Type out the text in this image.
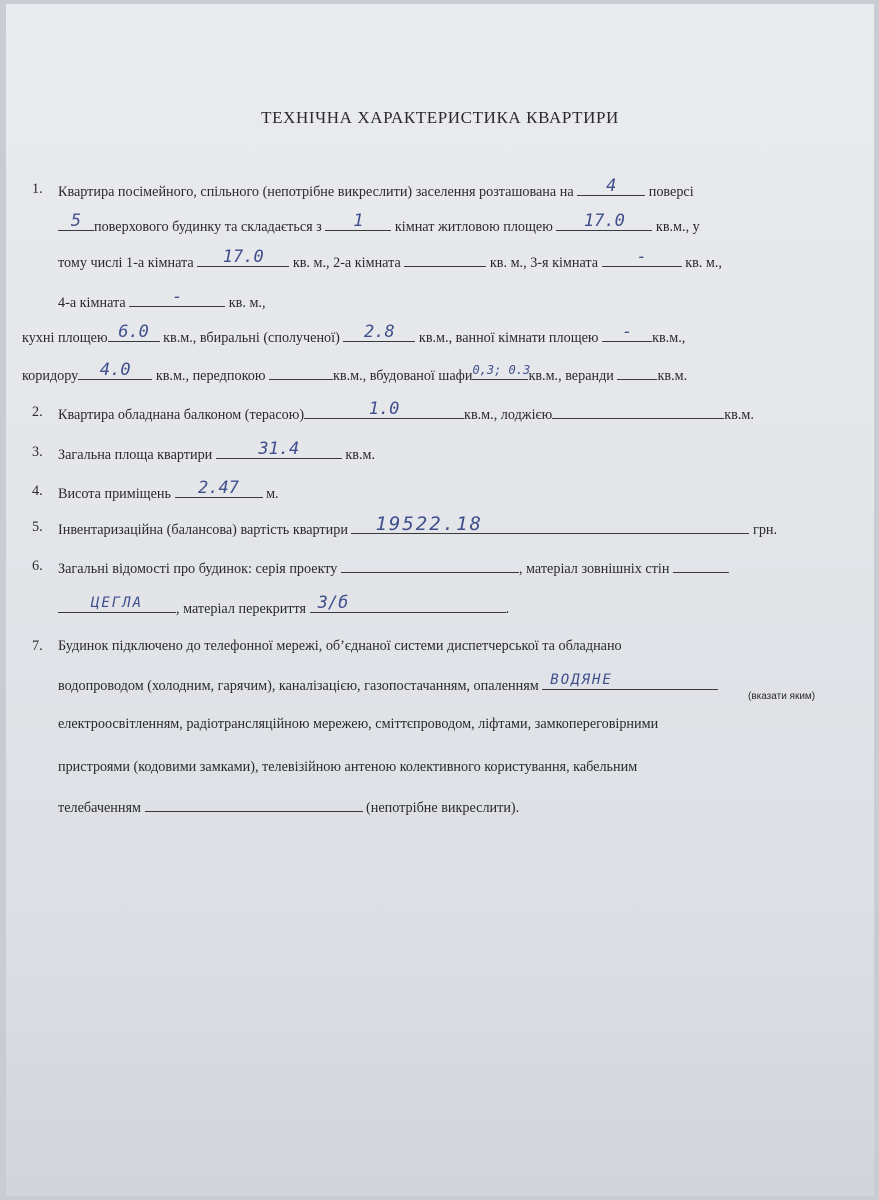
ТЕХНІЧНА ХАРАКТЕРИСТИКА КВАРТИРИ
1. Квартира посімейного, спільного (непотрібне викреслити) заселення розташована на	4	поверсі
5 поверхового будинку та складається з	1	кімнат житловою площею	17.0	кв.м., у
тому числі 1-а кімната	17.0	кв. м., 2-а кімната	кв. м., 3-я кімната	-	кв. м.,
4-а кімната	-	кв. м.,
кухні площею 6.0 кв.м., вбиральні (сполученої)	2.8	кв.м., ванної кімнати площею	-	кв.м.,
коридору	4.0	кв.м., передпокою	кв.м., вбудованої шафи 0,3; 0.3
кв.м., веранди	кв.м.
2. Квартира обладнана балконом (терасою)	1.0	кв.м., лоджією	кв.м.
3. Загальна площа квартири	31.4	кв.м.
4. Висота приміщень	2.47	м.
5. Інвентаризаційна (балансова) вартість квартири	19522.18	грн.
6. Загальні відомості про будинок: серія проекту	, матеріал зовнішніх стін
ЦЕГЛА	, матеріал перекриття 3/б	.
7. Будинок підключено до телефонної мережі, об’єднаної системи диспетчерської та обладнано
водопроводом (холодним, гарячим), каналізацією, газопостачанням, опаленням ВОДЯНЕ
(вказати яким)
електроосвітленням, радіотрансляційною мережею, сміттєпроводом, ліфтами, замкопереговірними
пристроями (кодовими замками), телевізійною антеною колективного користування, кабельним
телебаченням	(непотрібне викреслити).
